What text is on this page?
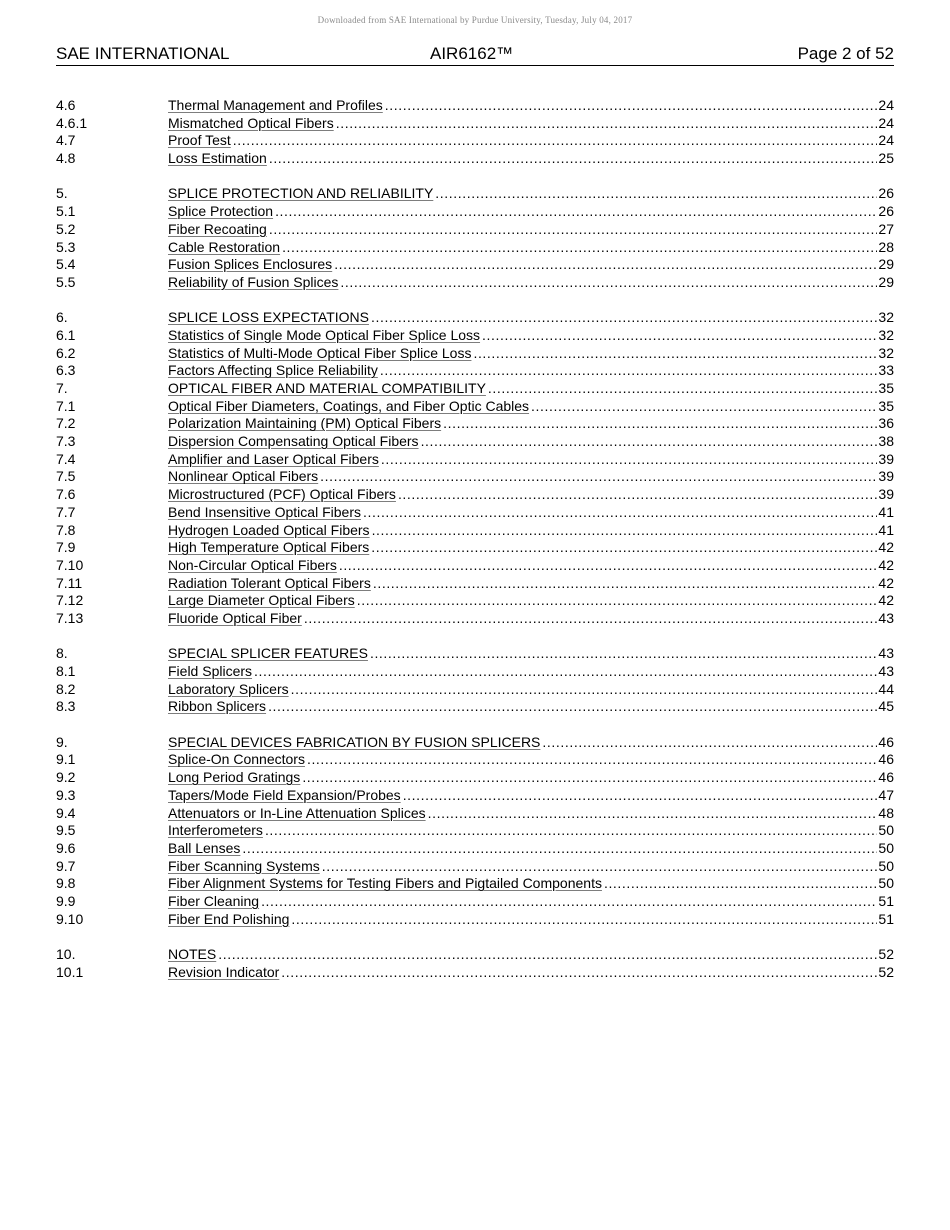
Downloaded from SAE International by Purdue University, Tuesday, July 04, 2017
SAE INTERNATIONAL	AIR6162™	Page 2 of 52
4.6	Thermal Management and Profiles .....	24
4.6.1	Mismatched Optical Fibers .....	24
4.7	Proof Test .....	24
4.8	Loss Estimation .....	25
5.	SPLICE PROTECTION AND RELIABILITY .....	26
5.1	Splice Protection .....	26
5.2	Fiber Recoating .....	27
5.3	Cable Restoration .....	28
5.4	Fusion Splices Enclosures .....	29
5.5	Reliability of Fusion Splices .....	29
6.	SPLICE LOSS EXPECTATIONS .....	32
6.1	Statistics of Single Mode Optical Fiber Splice Loss .....	32
6.2	Statistics of Multi-Mode Optical Fiber Splice Loss .....	32
6.3	Factors Affecting Splice Reliability .....	33
7.	OPTICAL FIBER AND MATERIAL COMPATIBILITY .....	35
7.1	Optical Fiber Diameters, Coatings, and Fiber Optic Cables .....	35
7.2	Polarization Maintaining (PM) Optical Fibers .....	36
7.3	Dispersion Compensating Optical Fibers .....	38
7.4	Amplifier and Laser Optical Fibers .....	39
7.5	Nonlinear Optical Fibers .....	39
7.6	Microstructured (PCF) Optical Fibers .....	39
7.7	Bend Insensitive Optical Fibers .....	41
7.8	Hydrogen Loaded Optical Fibers .....	41
7.9	High Temperature Optical Fibers .....	42
7.10	Non-Circular Optical Fibers .....	42
7.11	Radiation Tolerant Optical Fibers .....	42
7.12	Large Diameter Optical Fibers .....	42
7.13	Fluoride Optical Fiber .....	43
8.	SPECIAL SPLICER FEATURES .....	43
8.1	Field Splicers .....	43
8.2	Laboratory Splicers .....	44
8.3	Ribbon Splicers .....	45
9.	SPECIAL DEVICES FABRICATION BY FUSION SPLICERS .....	46
9.1	Splice-On Connectors .....	46
9.2	Long Period Gratings .....	46
9.3	Tapers/Mode Field Expansion/Probes .....	47
9.4	Attenuators or In-Line Attenuation Splices .....	48
9.5	Interferometers .....	50
9.6	Ball Lenses .....	50
9.7	Fiber Scanning Systems .....	50
9.8	Fiber Alignment Systems for Testing Fibers and Pigtailed Components .....	50
9.9	Fiber Cleaning .....	51
9.10	Fiber End Polishing .....	51
10.	NOTES .....	52
10.1	Revision Indicator .....	52
